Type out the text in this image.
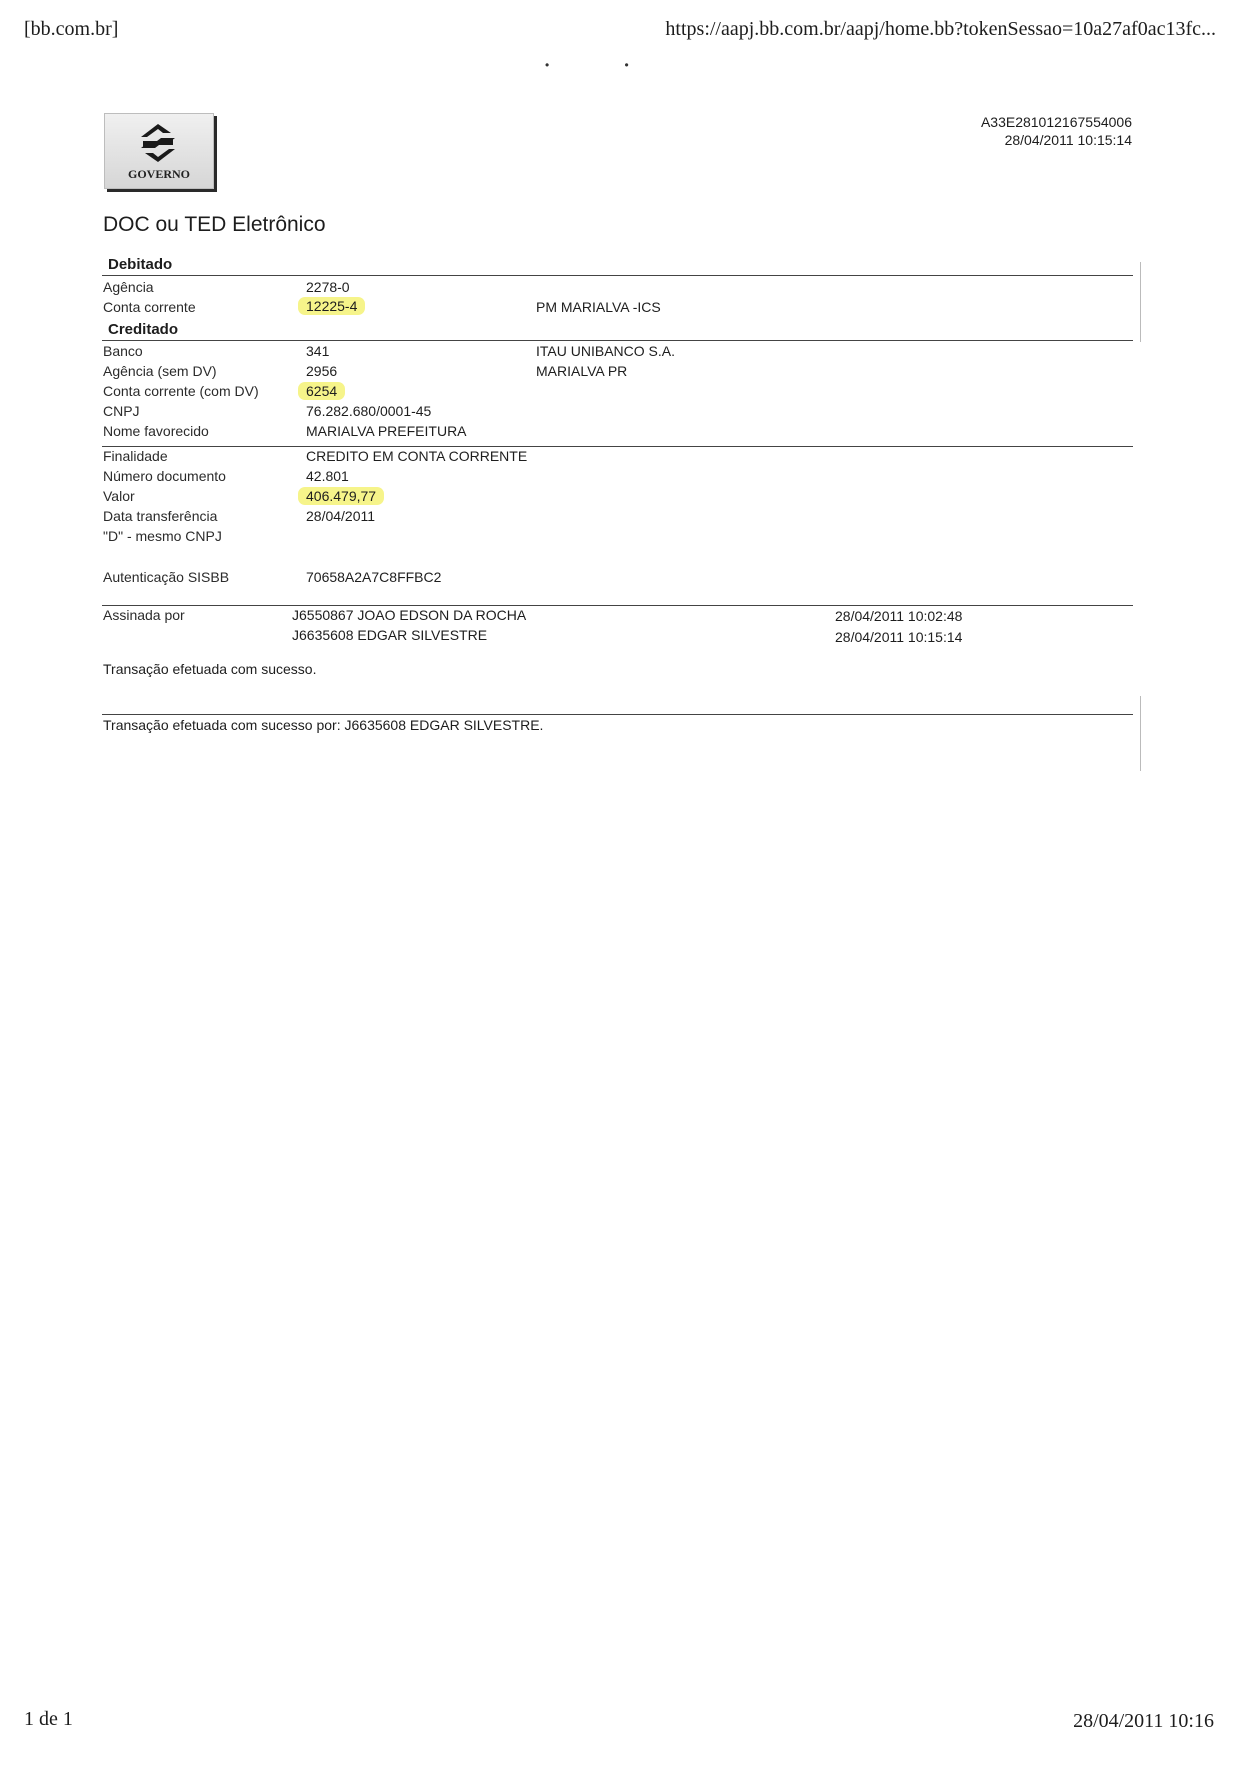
[bb.com.br]	https://aapj.bb.com.br/aapj/home.bb?tokenSessao=10a27af0ac13fc...
• •
GOVERNO
A33E281012167554006
28/04/2011 10:15:14
DOC ou TED Eletrônico
Debitado
Agência	2278-0
Conta corrente	12225-4	PM MARIALVA -ICS
Creditado
Banco	341	ITAU UNIBANCO S.A.
Agência (sem DV)	2956	MARIALVA PR
Conta corrente (com DV)	6254
CNPJ	76.282.680/0001-45
Nome favorecido	MARIALVA PREFEITURA
Finalidade	CREDITO EM CONTA CORRENTE
Número documento	42.801
Valor	406.479,77
Data transferência	28/04/2011
"D" - mesmo CNPJ
Autenticação SISBB	70658A2A7C8FFBC2
Assinada por	J6550867 JOAO EDSON DA ROCHA	28/04/2011 10:02:48
J6635608 EDGAR SILVESTRE	28/04/2011 10:15:14
Transação efetuada com sucesso.
Transação efetuada com sucesso por: J6635608 EDGAR SILVESTRE.
1 de 1	28/04/2011 10:16
